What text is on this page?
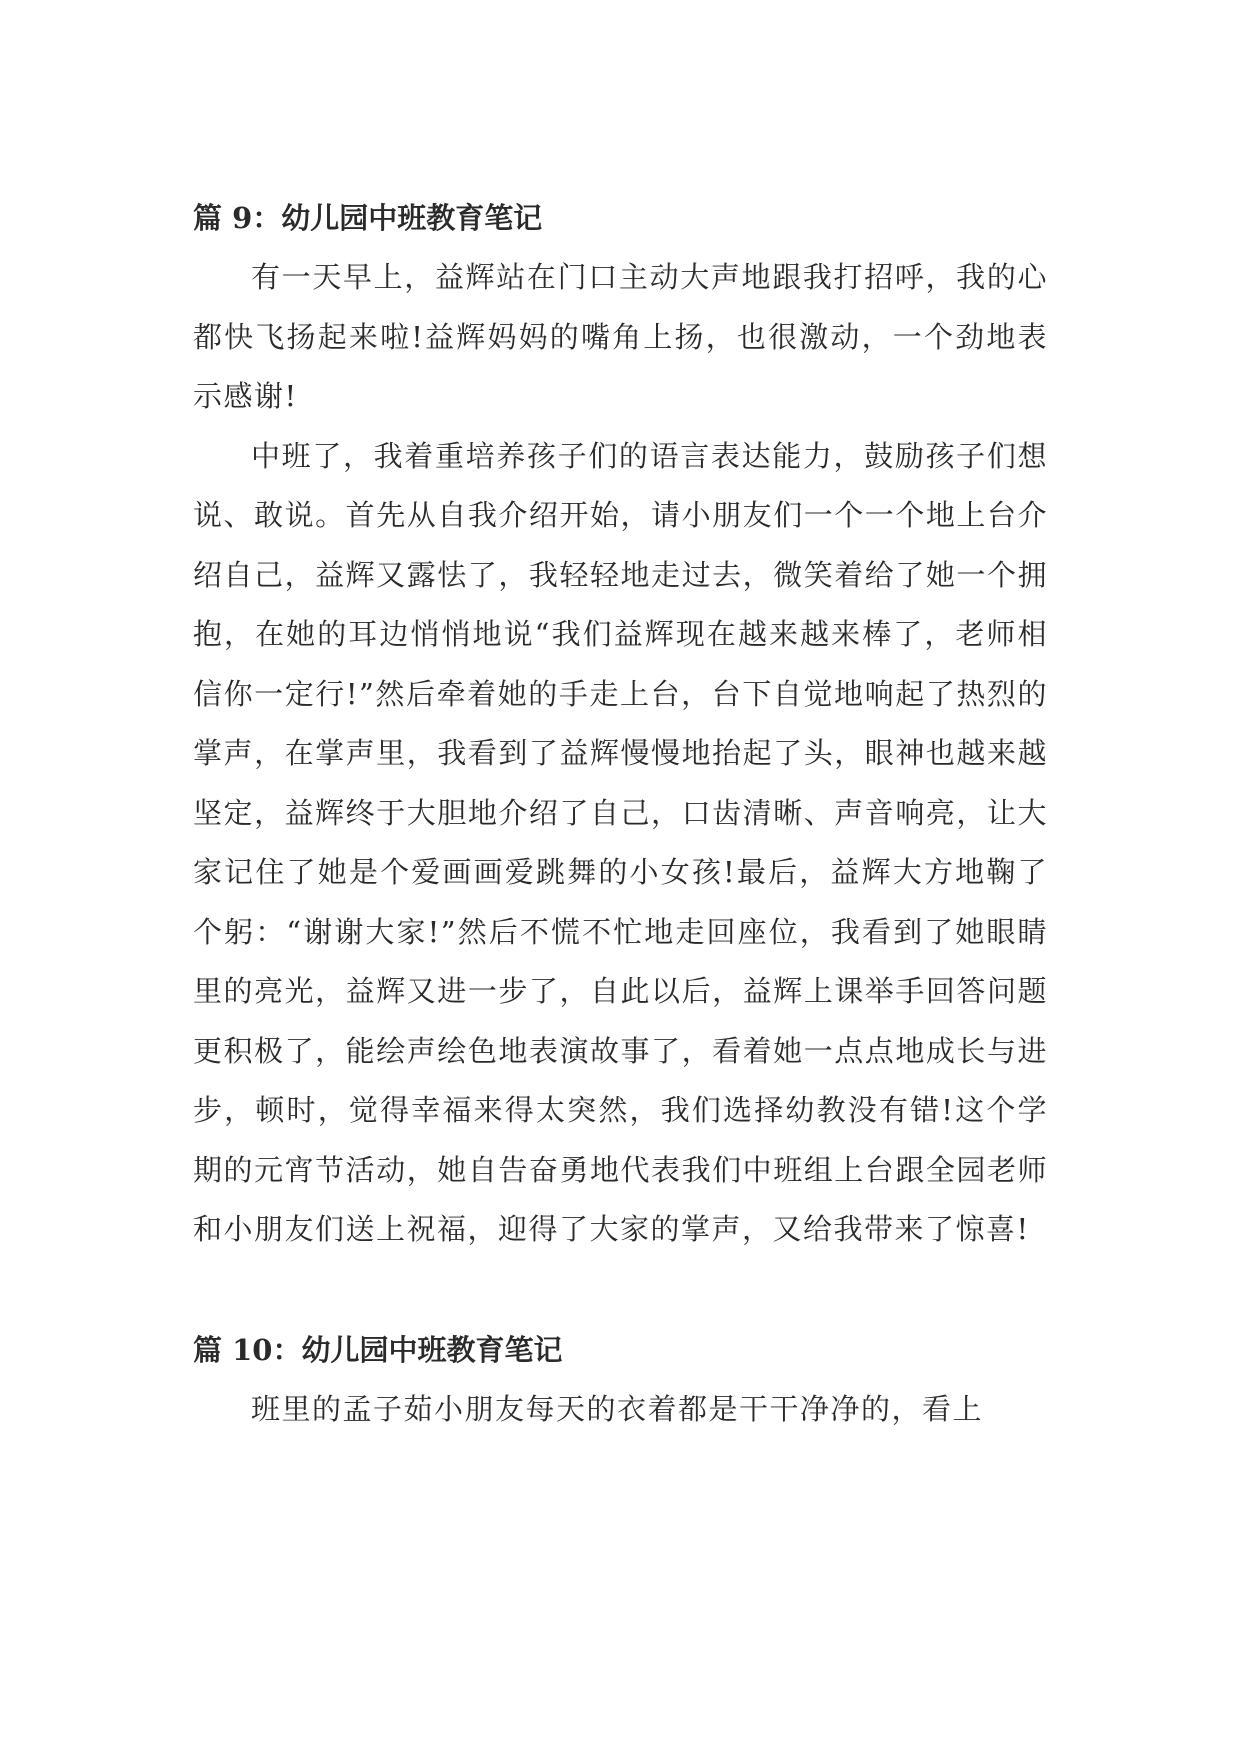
篇 9：幼儿园中班教育笔记

有一天早上，益辉站在门口主动大声地跟我打招呼，我的心都快飞扬起来啦!益辉妈妈的嘴角上扬，也很激动，一个劲地表示感谢!

中班了，我着重培养孩子们的语言表达能力，鼓励孩子们想说、敢说。首先从自我介绍开始，请小朋友们一个一个地上台介绍自己，益辉又露怯了，我轻轻地走过去，微笑着给了她一个拥抱，在她的耳边悄悄地说“我们益辉现在越来越来棒了，老师相信你一定行!”然后牵着她的手走上台，台下自觉地响起了热烈的掌声，在掌声里，我看到了益辉慢慢地抬起了头，眼神也越来越坚定，益辉终于大胆地介绍了自己，口齿清晰、声音响亮，让大家记住了她是个爱画画爱跳舞的小女孩!最后，益辉大方地鞠了个躬：“谢谢大家!”然后不慌不忙地走回座位，我看到了她眼睛里的亮光，益辉又进一步了，自此以后，益辉上课举手回答问题更积极了，能绘声绘色地表演故事了，看着她一点点地成长与进步，顿时，觉得幸福来得太突然，我们选择幼教没有错!这个学期的元宵节活动，她自告奋勇地代表我们中班组上台跟全园老师和小朋友们送上祝福，迎得了大家的掌声，又给我带来了惊喜!

篇 10：幼儿园中班教育笔记

班里的孟子茹小朋友每天的衣着都是干干净净的，看上
